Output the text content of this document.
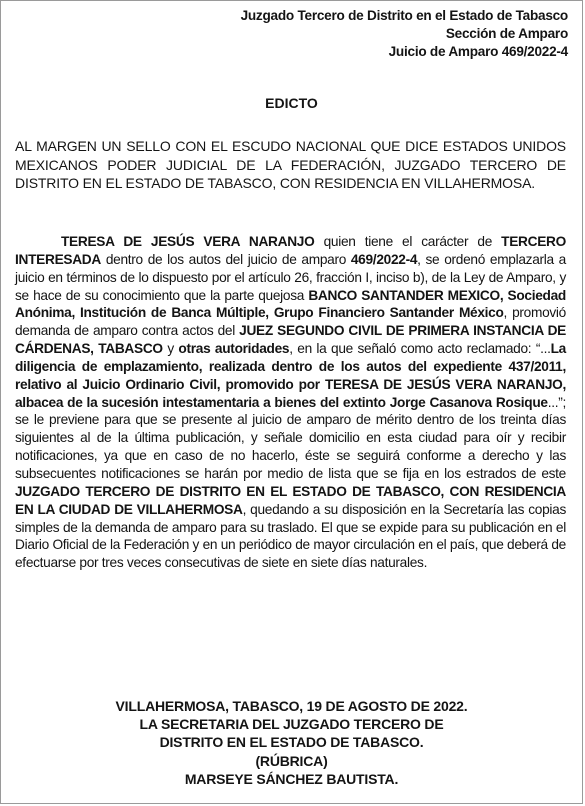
Juzgado Tercero de Distrito en el Estado de Tabasco
Sección de Amparo
Juicio de Amparo 469/2022-4
EDICTO
AL MARGEN UN SELLO CON EL ESCUDO NACIONAL QUE DICE ESTADOS UNIDOS MEXICANOS PODER JUDICIAL DE LA FEDERACIÓN, JUZGADO TERCERO DE DISTRITO EN EL ESTADO DE TABASCO, CON RESIDENCIA EN VILLAHERMOSA.
TERESA DE JESÚS VERA NARANJO quien tiene el carácter de TERCERO INTERESADA dentro de los autos del juicio de amparo 469/2022-4, se ordenó emplazarla a juicio en términos de lo dispuesto por el artículo 26, fracción I, inciso b), de la Ley de Amparo, y se hace de su conocimiento que la parte quejosa BANCO SANTANDER MEXICO, Sociedad Anónima, Institución de Banca Múltiple, Grupo Financiero Santander México, promovió demanda de amparo contra actos del JUEZ SEGUNDO CIVIL DE PRIMERA INSTANCIA DE CÁRDENAS, TABASCO y otras autoridades, en la que señaló como acto reclamado: “...La diligencia de emplazamiento, realizada dentro de los autos del expediente 437/2011, relativo al Juicio Ordinario Civil, promovido por TERESA DE JESÚS VERA NARANJO, albacea de la sucesión intestamentaria a bienes del extinto Jorge Casanova Rosique...”; se le previene para que se presente al juicio de amparo de mérito dentro de los treinta días siguientes al de la última publicación, y señale domicilio en esta ciudad para oír y recibir notificaciones, ya que en caso de no hacerlo, éste se seguirá conforme a derecho y las subsecuentes notificaciones se harán por medio de lista que se fija en los estrados de este JUZGADO TERCERO DE DISTRITO EN EL ESTADO DE TABASCO, CON RESIDENCIA EN LA CIUDAD DE VILLAHERMOSA, quedando a su disposición en la Secretaría las copias simples de la demanda de amparo para su traslado. El que se expide para su publicación en el Diario Oficial de la Federación y en un periódico de mayor circulación en el país, que deberá de efectuarse por tres veces consecutivas de siete en siete días naturales.
VILLAHERMOSA, TABASCO, 19 DE AGOSTO DE 2022.
LA SECRETARIA DEL JUZGADO TERCERO DE
DISTRITO EN EL ESTADO DE TABASCO.
(RÚBRICA)
MARSEYE SÁNCHEZ BAUTISTA.
